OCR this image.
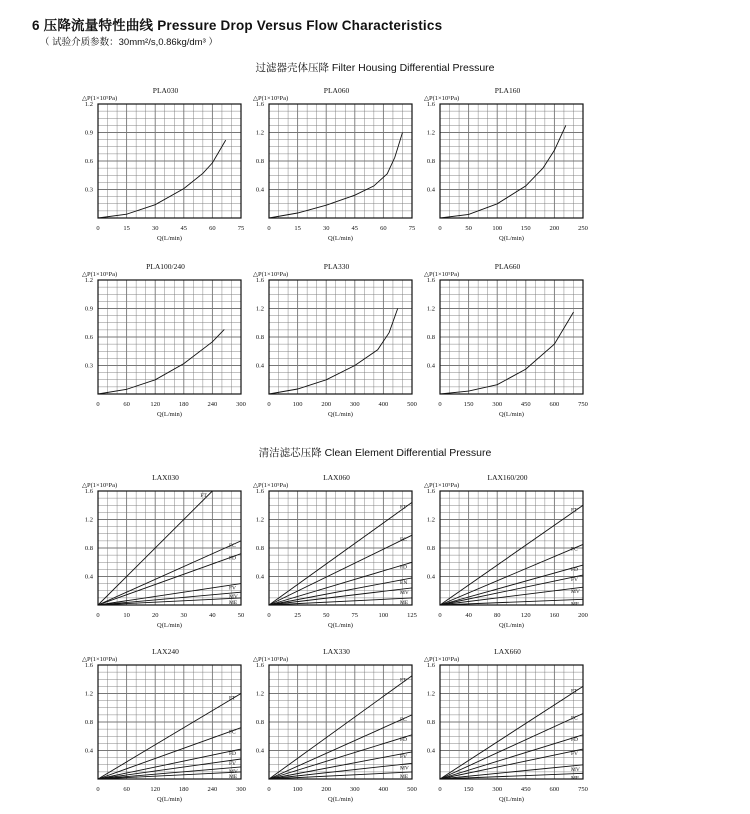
6 压降流量特性曲线 Pressure Drop Versus Flow Characteristics
（ 试验介质参数：30mm²/s,0.86kg/dm³ ）
过滤器壳体压降 Filter Housing Differential Pressure
清洁滤芯压降 Clean Element Differential Pressure
PLA030
△P(1×10⁵Pa)
Q(L/min)
0	15	30	45	60	75
0.3
0.6
0.9
1.2
PLA060
△P(1×10⁵Pa)
Q(L/min)
0	15	30	45	60	75
0.4
0.8
1.2
1.6
PLA160
△P(1×10⁵Pa)
Q(L/min)
0	50	100	150	200	250
0.4
0.8
1.2
1.6
PLA100/240
△P(1×10⁵Pa)
Q(L/min)
0	60	120	180	240	300
0.3
0.6
0.9
1.2
PLA330
△P(1×10⁵Pa)
Q(L/min)
0	100	200	300	400	500
0.4
0.8
1.2
1.6
PLA660
△P(1×10⁵Pa)
Q(L/min)
0	150	300	450	600	750
0.4
0.8
1.2
1.6
LAX030
△P(1×10⁵Pa)
Q(L/min)
0	10	20	30	40	50
0.4
0.8
1.2
1.6
FT
FC
FD
FV
MV
ME
LAX060
△P(1×10⁵Pa)
Q(L/min)
0	25	50	75	100	125
0.4
0.8
1.2
1.6
FT
FC
FD
EN
MV
ME
LAX160/200
△P(1×10⁵Pa)
Q(L/min)
0	40	80	120	160	200
0.4
0.8
1.2
1.6
FT
FC
FD
FV
MV
ME
LAX240
△P(1×10⁵Pa)
Q(L/min)
0	60	120	180	240	300
0.4
0.8
1.2
1.6
FT
FC
FD
FV
MV
ME
LAX330
△P(1×10⁵Pa)
Q(L/min)
0	100	200	300	400	500
0.4
0.8
1.2
1.6
FT
FC
FD
FV
MV
ME
LAX660
△P(1×10⁵Pa)
Q(L/min)
0	150	300	450	600	750
0.4
0.8
1.2
1.6
FT
FC
FD
FV
MV
ME
